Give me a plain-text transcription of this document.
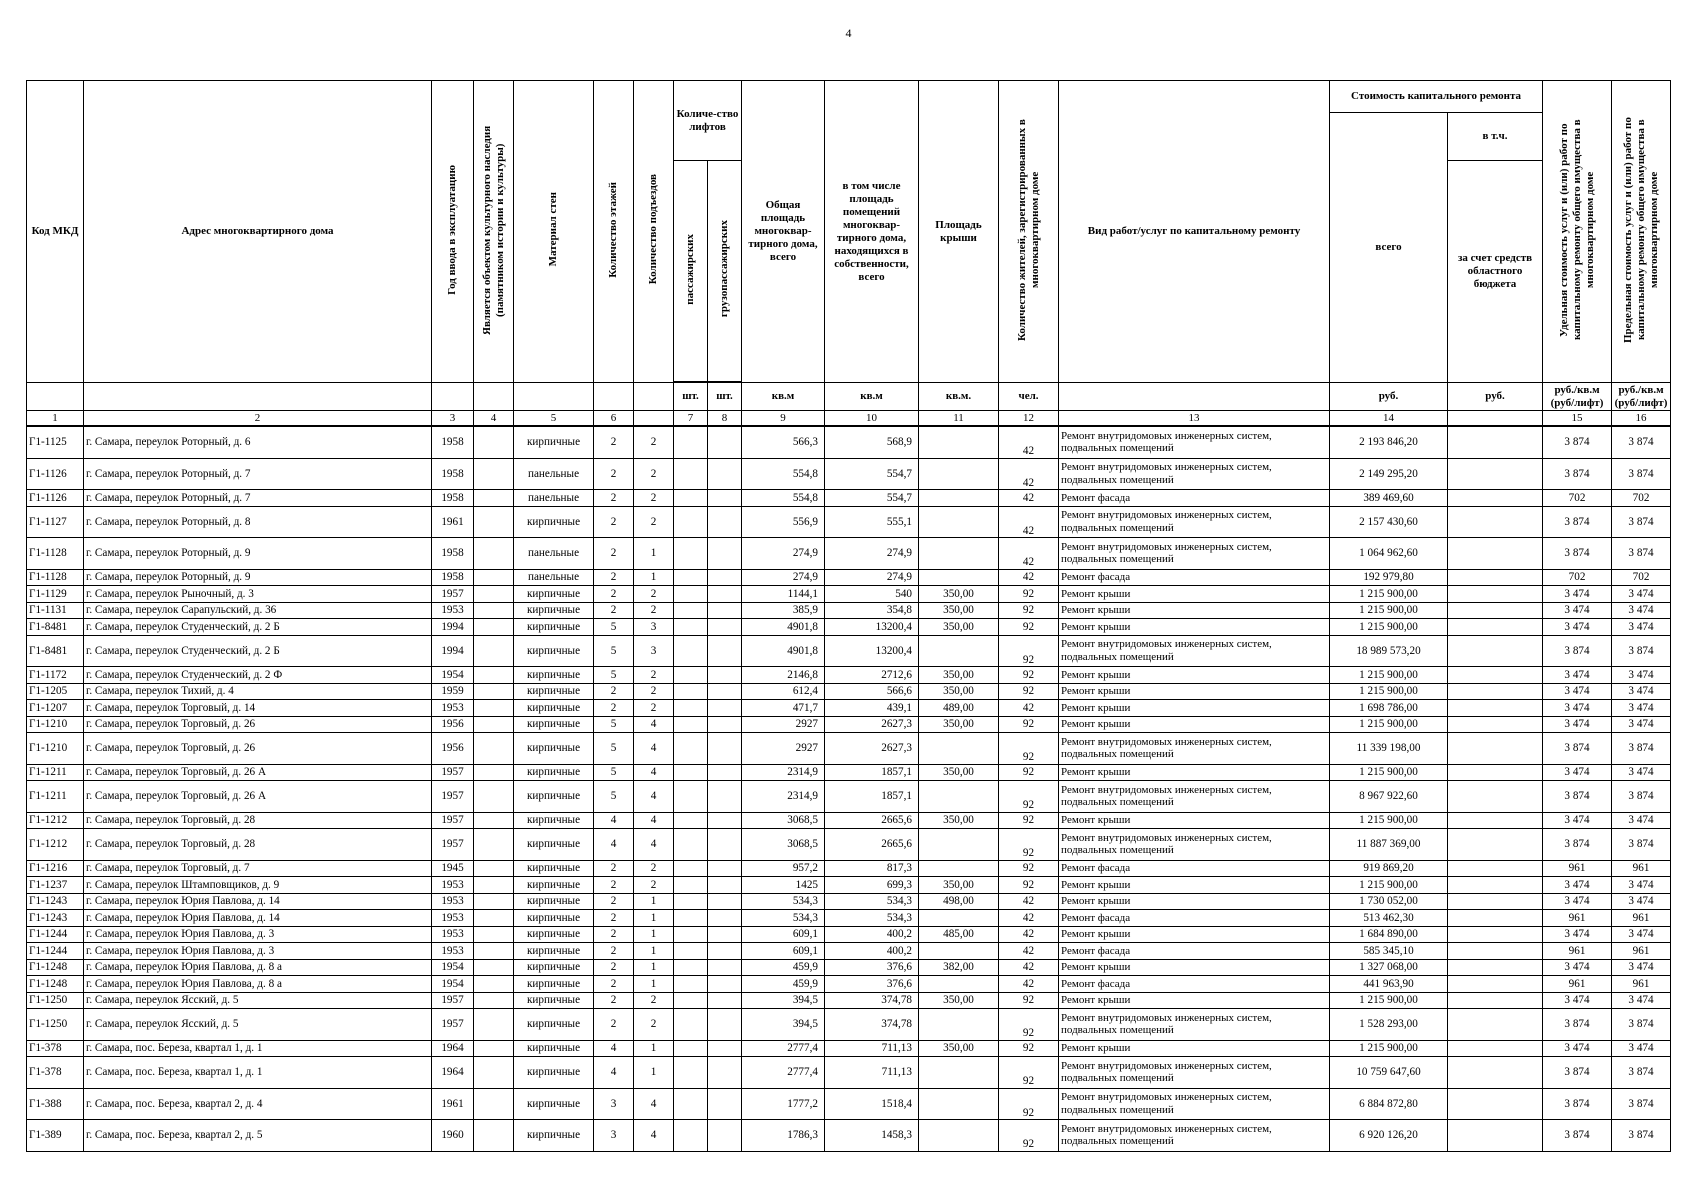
4
Код МКД	Адрес многоквартирного дома	Год ввода в эксплуатацию	Является объектом культурного наследия (памятником истории и культуры)	Материал стен	Количество этажей	Количество подъездов	Количе-ство лифтов		Общая площадь многоквар-тирного дома, всего	в том числе площадь помещений многоквар-тирного дома, находящихся в собственности, всего	Площадь крыши	Количество жителей, зарегистрированных в многоквартирном доме	Вид работ/услуг по капитальному ремонту	Стоимость капитального ремонта		Удельная стоимость услуг и (или) работ по капитальному ремонту общего имущества в многоквартирном доме	Предельная стоимость услуг и (или) работ по капитальному ремонту общего имущества в многоквартирном доме
														всего	в т.ч.		
							пассажирских	грузопассажирских							за счет средств областного бюджета		

							шт.	шт.	кв.м	кв.м	кв.м.	чел.		руб.	руб.	руб./кв.м (руб/лифт)	руб./кв.м (руб/лифт)
1	2	3	4	5	6		7	8	9	10	11	12	13	14		15	16
Г1-1125	г. Самара, переулок Роторный, д. 6	1958		кирпичные	2	2			566,3	568,9		42	Ремонт внутридомовых инженерных систем, подвальных помещений	2 193 846,20		3 874	3 874
Г1-1126	г. Самара, переулок Роторный, д. 7	1958		панельные	2	2			554,8	554,7		42	Ремонт внутридомовых инженерных систем, подвальных помещений	2 149 295,20		3 874	3 874
Г1-1126	г. Самара, переулок Роторный, д. 7	1958		панельные	2	2			554,8	554,7		42	Ремонт фасада	389 469,60		702	702
Г1-1127	г. Самара, переулок Роторный, д. 8	1961		кирпичные	2	2			556,9	555,1		42	Ремонт внутридомовых инженерных систем, подвальных помещений	2 157 430,60		3 874	3 874
Г1-1128	г. Самара, переулок Роторный, д. 9	1958		панельные	2	1			274,9	274,9		42	Ремонт внутридомовых инженерных систем, подвальных помещений	1 064 962,60		3 874	3 874
Г1-1128	г. Самара, переулок Роторный, д. 9	1958		панельные	2	1			274,9	274,9		42	Ремонт фасада	192 979,80		702	702
Г1-1129	г. Самара, переулок Рыночный, д. 3	1957		кирпичные	2	2			1144,1	540	350,00	92	Ремонт крыши	1 215 900,00		3 474	3 474
Г1-1131	г. Самара, переулок Сарапульский, д. 36	1953		кирпичные	2	2			385,9	354,8	350,00	92	Ремонт крыши	1 215 900,00		3 474	3 474
Г1-8481	г. Самара, переулок Студенческий, д. 2 Б	1994		кирпичные	5	3			4901,8	13200,4	350,00	92	Ремонт крыши	1 215 900,00		3 474	3 474
Г1-8481	г. Самара, переулок Студенческий, д. 2 Б	1994		кирпичные	5	3			4901,8	13200,4		92	Ремонт внутридомовых инженерных систем, подвальных помещений	18 989 573,20		3 874	3 874
Г1-1172	г. Самара, переулок Студенческий, д. 2 Ф	1954		кирпичные	5	2			2146,8	2712,6	350,00	92	Ремонт крыши	1 215 900,00		3 474	3 474
Г1-1205	г. Самара, переулок Тихий, д. 4	1959		кирпичные	2	2			612,4	566,6	350,00	92	Ремонт крыши	1 215 900,00		3 474	3 474
Г1-1207	г. Самара, переулок Торговый, д. 14	1953		кирпичные	2	2			471,7	439,1	489,00	42	Ремонт крыши	1 698 786,00		3 474	3 474
Г1-1210	г. Самара, переулок Торговый, д. 26	1956		кирпичные	5	4			2927	2627,3	350,00	92	Ремонт крыши	1 215 900,00		3 474	3 474
Г1-1210	г. Самара, переулок Торговый, д. 26	1956		кирпичные	5	4			2927	2627,3		92	Ремонт внутридомовых инженерных систем, подвальных помещений	11 339 198,00		3 874	3 874
Г1-1211	г. Самара, переулок Торговый, д. 26 А	1957		кирпичные	5	4			2314,9	1857,1	350,00	92	Ремонт крыши	1 215 900,00		3 474	3 474
Г1-1211	г. Самара, переулок Торговый, д. 26 А	1957		кирпичные	5	4			2314,9	1857,1		92	Ремонт внутридомовых инженерных систем, подвальных помещений	8 967 922,60		3 874	3 874
Г1-1212	г. Самара, переулок Торговый, д. 28	1957		кирпичные	4	4			3068,5	2665,6	350,00	92	Ремонт крыши	1 215 900,00		3 474	3 474
Г1-1212	г. Самара, переулок Торговый, д. 28	1957		кирпичные	4	4			3068,5	2665,6		92	Ремонт внутридомовых инженерных систем, подвальных помещений	11 887 369,00		3 874	3 874
Г1-1216	г. Самара, переулок Торговый, д. 7	1945		кирпичные	2	2			957,2	817,3		92	Ремонт фасада	919 869,20		961	961
Г1-1237	г. Самара, переулок Штамповщиков, д. 9	1953		кирпичные	2	2			1425	699,3	350,00	92	Ремонт крыши	1 215 900,00		3 474	3 474
Г1-1243	г. Самара, переулок Юрия Павлова, д. 14	1953		кирпичные	2	1			534,3	534,3	498,00	42	Ремонт крыши	1 730 052,00		3 474	3 474
Г1-1243	г. Самара, переулок Юрия Павлова, д. 14	1953		кирпичные	2	1			534,3	534,3		42	Ремонт фасада	513 462,30		961	961
Г1-1244	г. Самара, переулок Юрия Павлова, д. 3	1953		кирпичные	2	1			609,1	400,2	485,00	42	Ремонт крыши	1 684 890,00		3 474	3 474
Г1-1244	г. Самара, переулок Юрия Павлова, д. 3	1953		кирпичные	2	1			609,1	400,2		42	Ремонт фасада	585 345,10		961	961
Г1-1248	г. Самара, переулок Юрия Павлова, д. 8 а	1954		кирпичные	2	1			459,9	376,6	382,00	42	Ремонт крыши	1 327 068,00		3 474	3 474
Г1-1248	г. Самара, переулок Юрия Павлова, д. 8 а	1954		кирпичные	2	1			459,9	376,6		42	Ремонт фасада	441 963,90		961	961
Г1-1250	г. Самара, переулок Ясский, д. 5	1957		кирпичные	2	2			394,5	374,78	350,00	92	Ремонт крыши	1 215 900,00		3 474	3 474
Г1-1250	г. Самара, переулок Ясский, д. 5	1957		кирпичные	2	2			394,5	374,78		92	Ремонт внутридомовых инженерных систем, подвальных помещений	1 528 293,00		3 874	3 874
Г1-378	г. Самара, пос. Береза, квартал 1, д. 1	1964		кирпичные	4	1			2777,4	711,13	350,00	92	Ремонт крыши	1 215 900,00		3 474	3 474
Г1-378	г. Самара, пос. Береза, квартал 1, д. 1	1964		кирпичные	4	1			2777,4	711,13		92	Ремонт внутридомовых инженерных систем, подвальных помещений	10 759 647,60		3 874	3 874
Г1-388	г. Самара, пос. Береза, квартал 2, д. 4	1961		кирпичные	3	4			1777,2	1518,4		92	Ремонт внутридомовых инженерных систем, подвальных помещений	6 884 872,80		3 874	3 874
Г1-389	г. Самара, пос. Береза, квартал 2, д. 5	1960		кирпичные	3	4			1786,3	1458,3		92	Ремонт внутридомовых инженерных систем, подвальных помещений	6 920 126,20		3 874	3 874
